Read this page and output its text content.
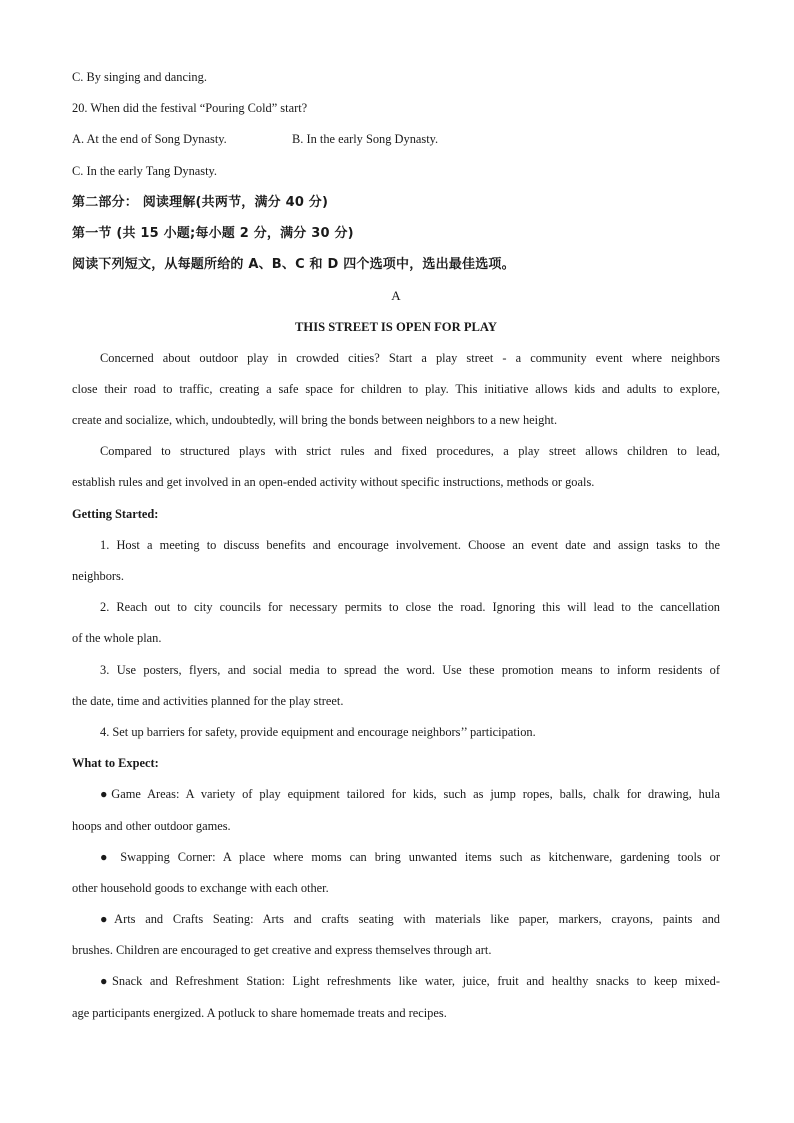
C. By singing and dancing.
20. When did the festival “Pouring Cold” start?
A. At the end of Song Dynasty.	B. In the early Song Dynasty.
C. In the early Tang Dynasty.
第二部分： 阅读理解(共两节，满分 40 分)
第一节 (共 15 小题;每小题 2 分，满分 30 分)
阅读下列短文，从每题所给的 A、B、C 和 D 四个选项中，选出最佳选项。
A
THIS STREET IS OPEN FOR PLAY
Concerned about outdoor play in crowded cities? Start a play street - a community event where neighbors
close their road to traffic, creating a safe space for children to play. This initiative allows kids and adults to explore,
create and socialize, which, undoubtedly, will bring the bonds between neighbors to a new height.
Compared to structured plays with strict rules and fixed procedures, a play street allows children to lead,
establish rules and get involved in an open-ended activity without specific instructions, methods or goals.
Getting Started:
1. Host a meeting to discuss benefits and encourage involvement. Choose an event date and assign tasks to the
neighbors.
2. Reach out to city councils for necessary permits to close the road. Ignoring this will lead to the cancellation
of the whole plan.
3. Use posters, flyers, and social media to spread the word. Use these promotion means to inform residents of
the date, time and activities planned for the play street.
4. Set up barriers for safety, provide equipment and encourage neighbors’’ participation.
What to Expect:
●Game Areas: A variety of play equipment tailored for kids, such as jump ropes, balls, chalk for drawing, hula
hoops and other outdoor games.
● Swapping Corner: A place where moms can bring unwanted items such as kitchenware, gardening tools or
other household goods to exchange with each other.
●Arts and Crafts Seating: Arts and crafts seating with materials like paper, markers, crayons, paints and
brushes. Children are encouraged to get creative and express themselves through art.
●Snack and Refreshment Station: Light refreshments like water, juice, fruit and healthy snacks to keep mixed-
age participants energized. A potluck to share homemade treats and recipes.
